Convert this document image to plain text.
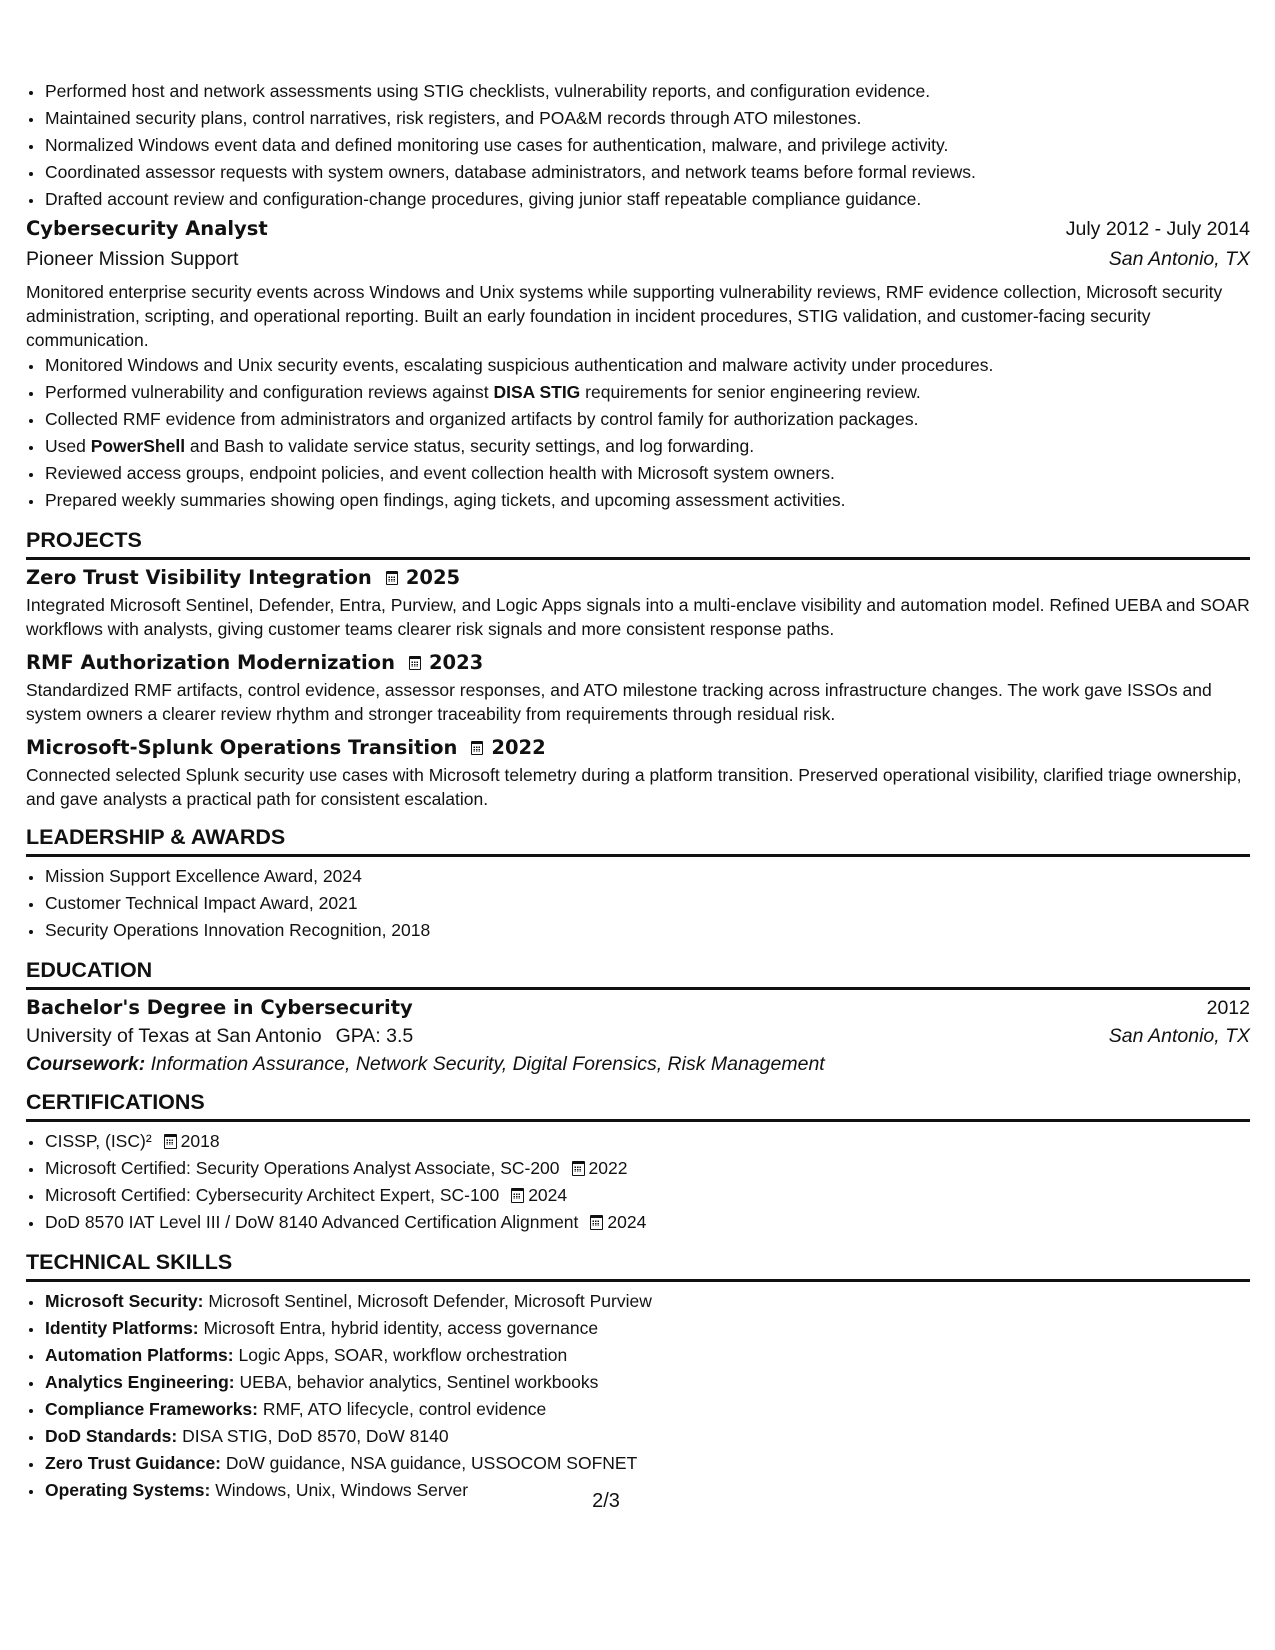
• Performed host and network assessments using STIG checklists, vulnerability reports, and configuration evidence.
• Maintained security plans, control narratives, risk registers, and POA&M records through ATO milestones.
• Normalized Windows event data and defined monitoring use cases for authentication, malware, and privilege activity.
• Coordinated assessor requests with system owners, database administrators, and network teams before formal reviews.
• Drafted account review and configuration-change procedures, giving junior staff repeatable compliance guidance.
Cybersecurity Analyst	July 2012 - July 2014
Pioneer Mission Support	San Antonio, TX
Monitored enterprise security events across Windows and Unix systems while supporting vulnerability reviews, RMF evidence collection, Microsoft security administration, scripting, and operational reporting. Built an early foundation in incident procedures, STIG validation, and customer-facing security communication.
• Monitored Windows and Unix security events, escalating suspicious authentication and malware activity under procedures.
• Performed vulnerability and configuration reviews against DISA STIG requirements for senior engineering review.
• Collected RMF evidence from administrators and organized artifacts by control family for authorization packages.
• Used PowerShell and Bash to validate service status, security settings, and log forwarding.
• Reviewed access groups, endpoint policies, and event collection health with Microsoft system owners.
• Prepared weekly summaries showing open findings, aging tickets, and upcoming assessment activities.
PROJECTS
Zero Trust Visibility Integration 2025
Integrated Microsoft Sentinel, Defender, Entra, Purview, and Logic Apps signals into a multi-enclave visibility and automation model. Refined UEBA and SOAR workflows with analysts, giving customer teams clearer risk signals and more consistent response paths.
RMF Authorization Modernization 2023
Standardized RMF artifacts, control evidence, assessor responses, and ATO milestone tracking across infrastructure changes. The work gave ISSOs and system owners a clearer review rhythm and stronger traceability from requirements through residual risk.
Microsoft-Splunk Operations Transition 2022
Connected selected Splunk security use cases with Microsoft telemetry during a platform transition. Preserved operational visibility, clarified triage ownership, and gave analysts a practical path for consistent escalation.
LEADERSHIP & AWARDS
• Mission Support Excellence Award, 2024
• Customer Technical Impact Award, 2021
• Security Operations Innovation Recognition, 2018
EDUCATION
Bachelor's Degree in Cybersecurity	2012
University of Texas at San Antonio GPA: 3.5	San Antonio, TX
Coursework: Information Assurance, Network Security, Digital Forensics, Risk Management
CERTIFICATIONS
• CISSP, (ISC)² 2018
• Microsoft Certified: Security Operations Analyst Associate, SC-200 2022
• Microsoft Certified: Cybersecurity Architect Expert, SC-100 2024
• DoD 8570 IAT Level III / DoW 8140 Advanced Certification Alignment 2024
TECHNICAL SKILLS
• Microsoft Security: Microsoft Sentinel, Microsoft Defender, Microsoft Purview
• Identity Platforms: Microsoft Entra, hybrid identity, access governance
• Automation Platforms: Logic Apps, SOAR, workflow orchestration
• Analytics Engineering: UEBA, behavior analytics, Sentinel workbooks
• Compliance Frameworks: RMF, ATO lifecycle, control evidence
• DoD Standards: DISA STIG, DoD 8570, DoW 8140
• Zero Trust Guidance: DoW guidance, NSA guidance, USSOCOM SOFNET
• Operating Systems: Windows, Unix, Windows Server	2/3
